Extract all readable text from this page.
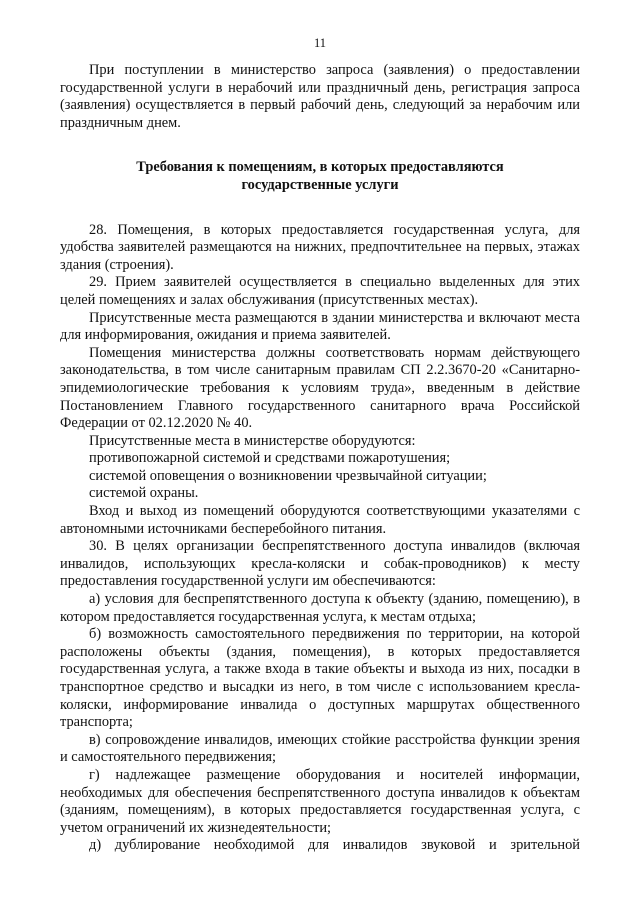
11

При поступлении в министерство запроса (заявления) о предоставлении государственной услуги в нерабочий или праздничный день, регистрация запроса (заявления) осуществляется в первый рабочий день, следующий за нерабочим или праздничным днем.

Требования к помещениям, в которых предоставляются государственные услуги

28. Помещения, в которых предоставляется государственная услуга, для удобства заявителей размещаются на нижних, предпочтительнее на первых, этажах здания (строения).

29. Прием заявителей осуществляется в специально выделенных для этих целей помещениях и залах обслуживания (присутственных местах).

Присутственные места размещаются в здании министерства и включают места для информирования, ожидания и приема заявителей.

Помещения министерства должны соответствовать нормам действующего законодательства, в том числе санитарным правилам СП 2.2.3670-20 «Санитарно-эпидемиологические требования к условиям труда», введенным в действие Постановлением Главного государственного санитарного врача Российской Федерации от 02.12.2020 № 40.

Присутственные места в министерстве оборудуются:

противопожарной системой и средствами пожаротушения;

системой оповещения о возникновении чрезвычайной ситуации;

системой охраны.

Вход и выход из помещений оборудуются соответствующими указателями с автономными источниками бесперебойного питания.

30. В целях организации беспрепятственного доступа инвалидов (включая инвалидов, использующих кресла-коляски и собак-проводников) к месту предоставления государственной услуги им обеспечиваются:

а) условия для беспрепятственного доступа к объекту (зданию, помещению), в котором предоставляется государственная услуга, к местам отдыха;

б) возможность самостоятельного передвижения по территории, на которой расположены объекты (здания, помещения), в которых предоставляется государственная услуга, а также входа в такие объекты и выхода из них, посадки в транспортное средство и высадки из него, в том числе с использованием кресла-коляски, информирование инвалида о доступных маршрутах общественного транспорта;

в) сопровождение инвалидов, имеющих стойкие расстройства функции зрения и самостоятельного передвижения;

г) надлежащее размещение оборудования и носителей информации, необходимых для обеспечения беспрепятственного доступа инвалидов к объектам (зданиям, помещениям), в которых предоставляется государственная услуга, с учетом ограничений их жизнедеятельности;

д) дублирование необходимой для инвалидов звуковой и зрительной
